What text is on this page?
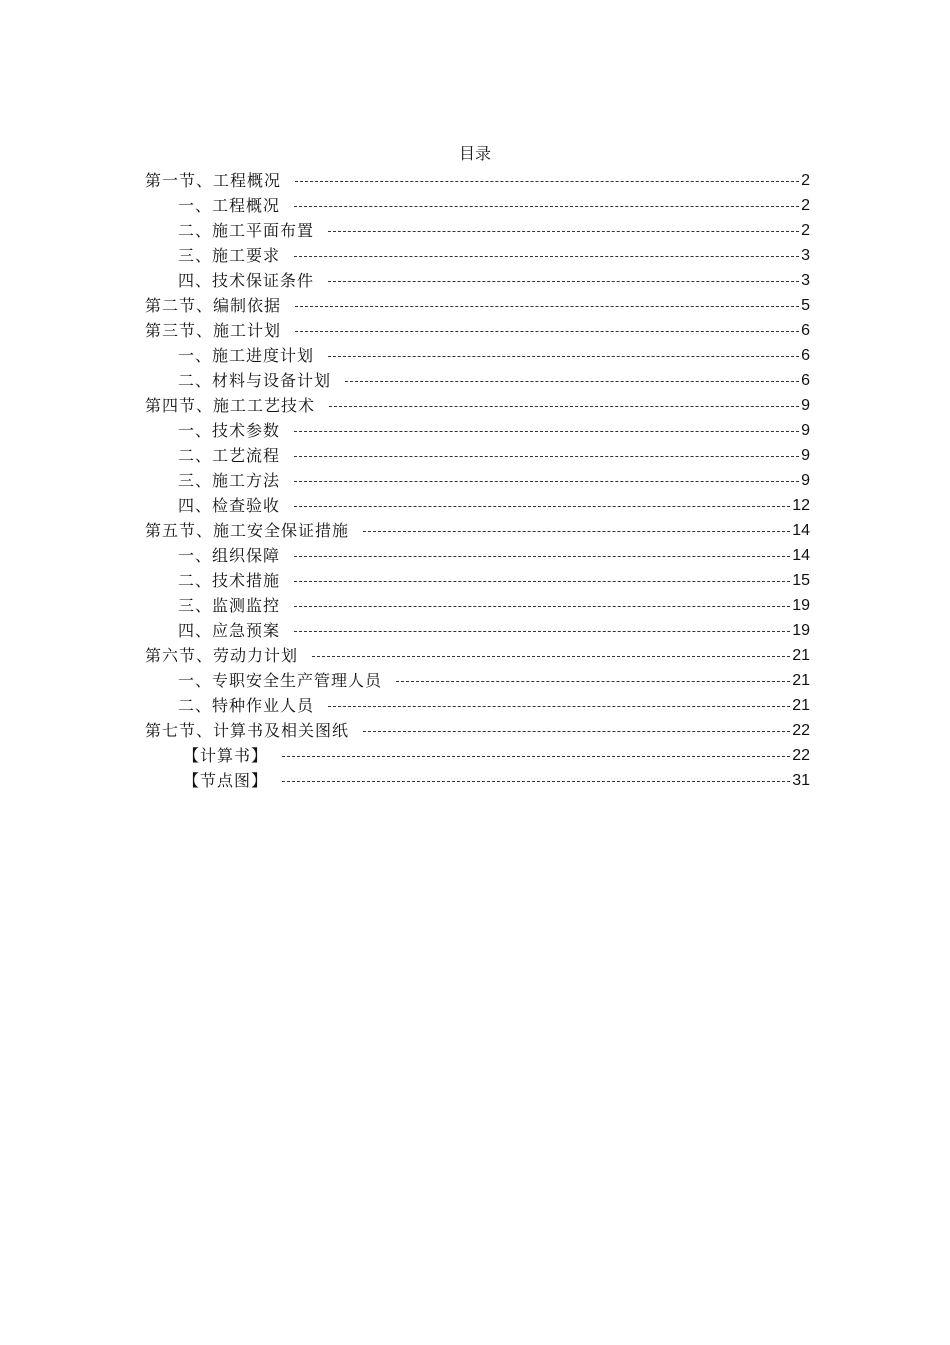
目录
第一节、工程概况	2
一、工程概况	2
二、施工平面布置	2
三、施工要求	3
四、技术保证条件	3
第二节、编制依据	5
第三节、施工计划	6
一、施工进度计划	6
二、材料与设备计划	6
第四节、施工工艺技术	9
一、技术参数	9
二、工艺流程	9
三、施工方法	9
四、检查验收	12
第五节、施工安全保证措施	14
一、组织保障	14
二、技术措施	15
三、监测监控	19
四、应急预案	19
第六节、劳动力计划	21
一、专职安全生产管理人员	21
二、特种作业人员	21
第七节、计算书及相关图纸	22
【计算书】	22
【节点图】	31
